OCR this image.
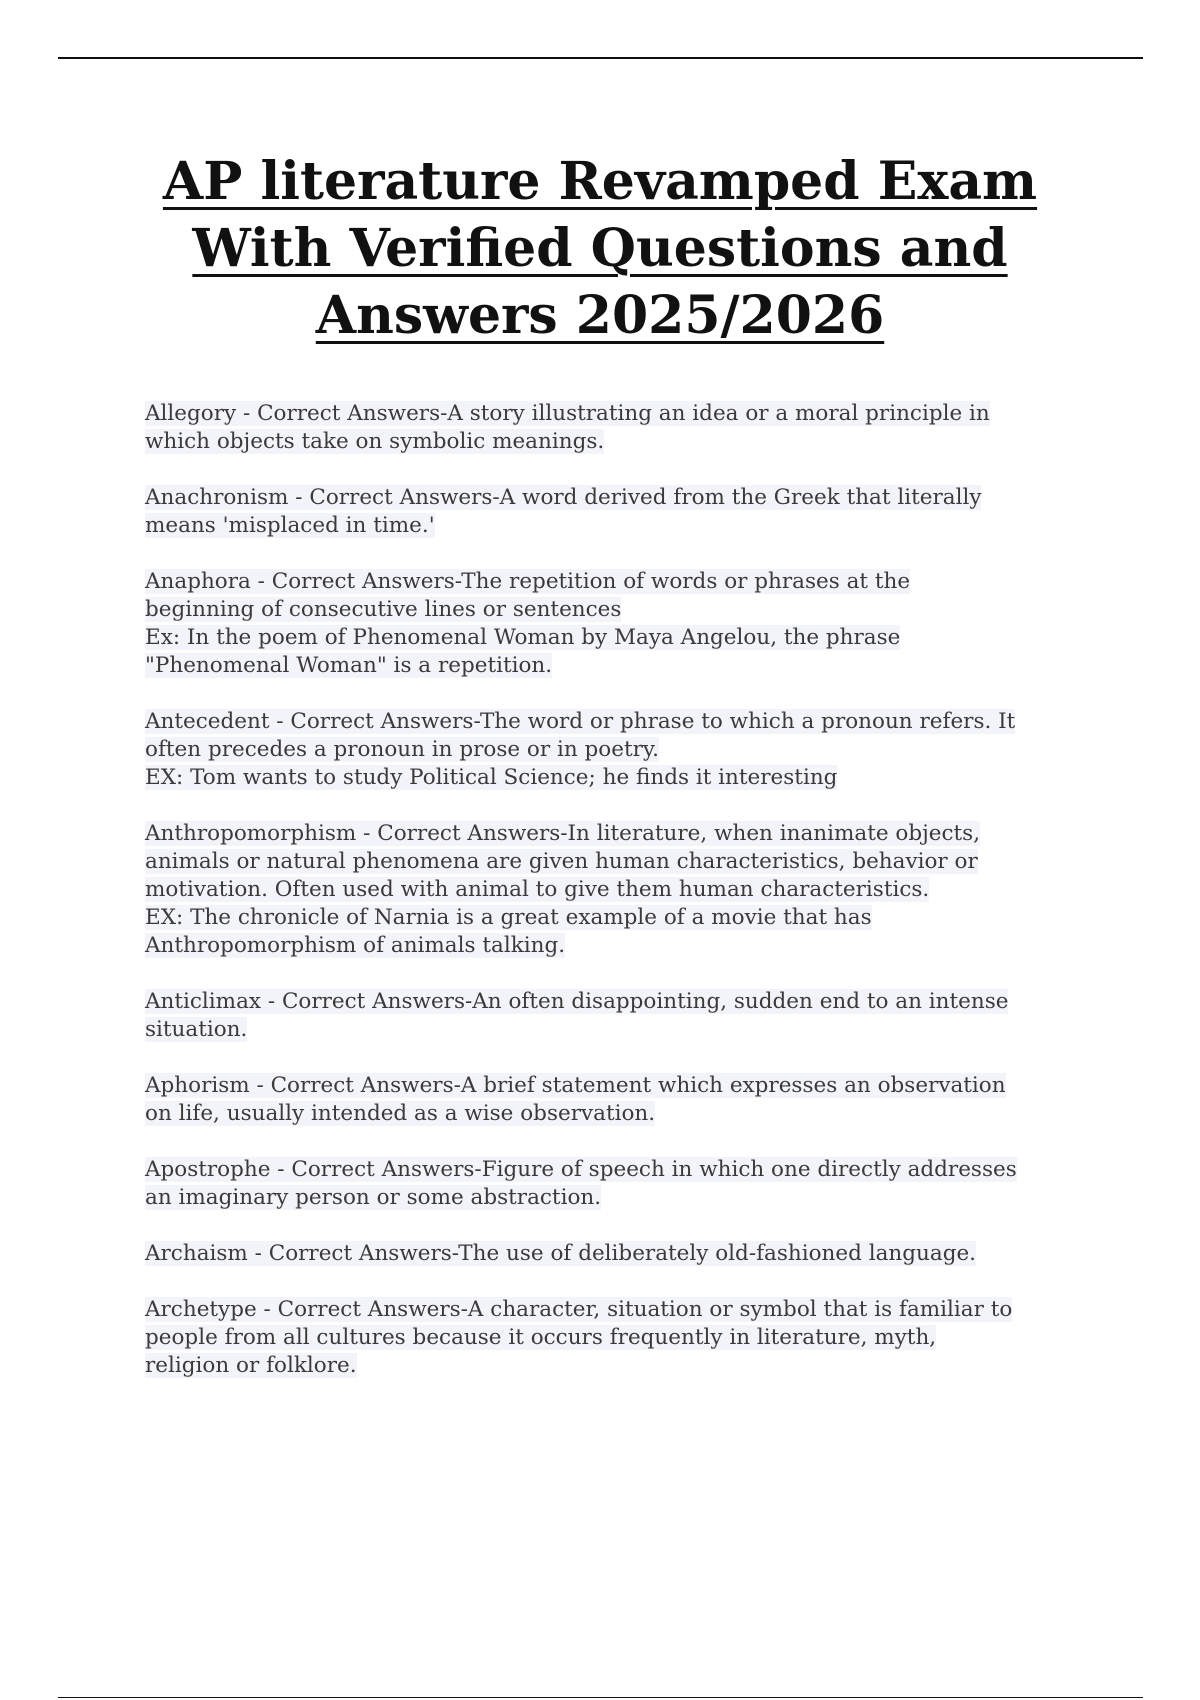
AP literature Revamped Exam
With Verified Questions and
Answers 2025/2026
Allegory - Correct Answers-A story illustrating an idea or a moral principle in
which objects take on symbolic meanings.
Anachronism - Correct Answers-A word derived from the Greek that literally
means 'misplaced in time.'
Anaphora - Correct Answers-The repetition of words or phrases at the
beginning of consecutive lines or sentences
Ex: In the poem of Phenomenal Woman by Maya Angelou, the phrase
"Phenomenal Woman" is a repetition.
Antecedent - Correct Answers-The word or phrase to which a pronoun refers. It
often precedes a pronoun in prose or in poetry.
EX: Tom wants to study Political Science; he finds it interesting
Anthropomorphism - Correct Answers-In literature, when inanimate objects,
animals or natural phenomena are given human characteristics, behavior or
motivation. Often used with animal to give them human characteristics.
EX: The chronicle of Narnia is a great example of a movie that has
Anthropomorphism of animals talking.
Anticlimax - Correct Answers-An often disappointing, sudden end to an intense
situation.
Aphorism - Correct Answers-A brief statement which expresses an observation
on life, usually intended as a wise observation.
Apostrophe - Correct Answers-Figure of speech in which one directly addresses
an imaginary person or some abstraction.
Archaism - Correct Answers-The use of deliberately old-fashioned language.
Archetype - Correct Answers-A character, situation or symbol that is familiar to
people from all cultures because it occurs frequently in literature, myth,
religion or folklore.
